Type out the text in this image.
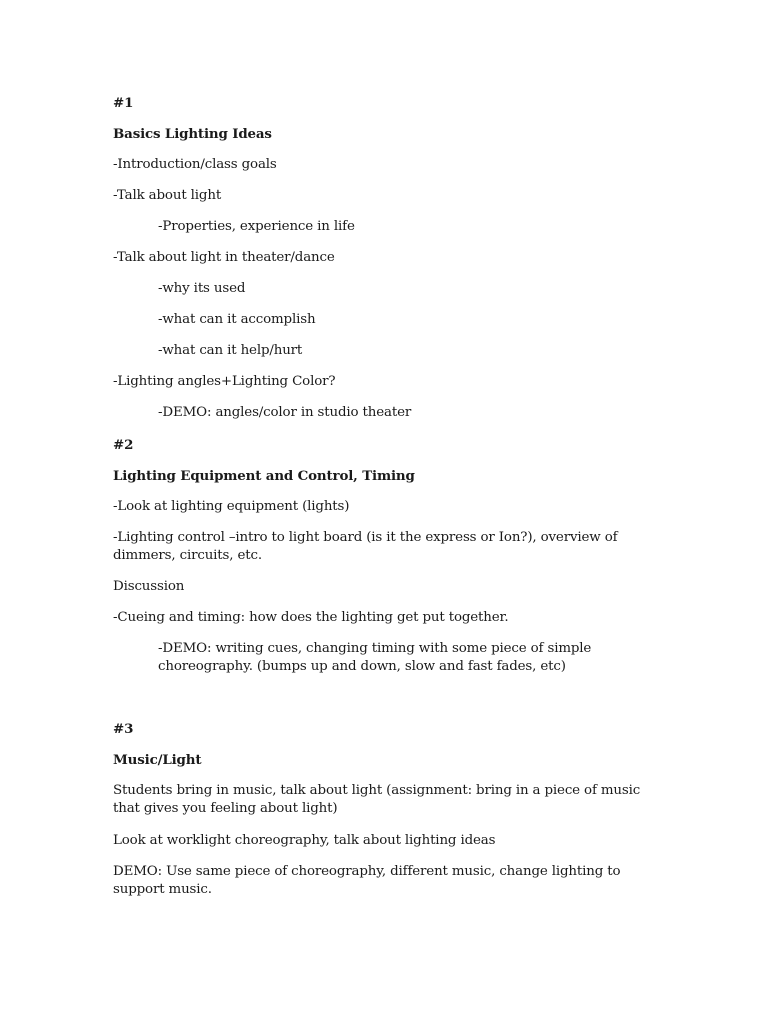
#1
Basics Lighting Ideas
-Introduction/class goals
-Talk about light
-Properties, experience in life
-Talk about light in theater/dance
-why its used
-what can it accomplish
-what can it help/hurt
-Lighting angles+Lighting Color?
-DEMO: angles/color in studio theater
#2
Lighting Equipment and Control, Timing
-Look at lighting equipment (lights)
-Lighting control –intro to light board (is it the express or Ion?), overview of dimmers, circuits, etc.
Discussion
-Cueing and timing: how does the lighting get put together.
-DEMO: writing cues, changing timing with some piece of simple choreography. (bumps up and down, slow and fast fades, etc)
#3
Music/Light
Students bring in music, talk about light (assignment: bring in a piece of music that gives you feeling about light)
Look at worklight choreography, talk about lighting ideas
DEMO: Use same piece of choreography, different music, change lighting to support music.
